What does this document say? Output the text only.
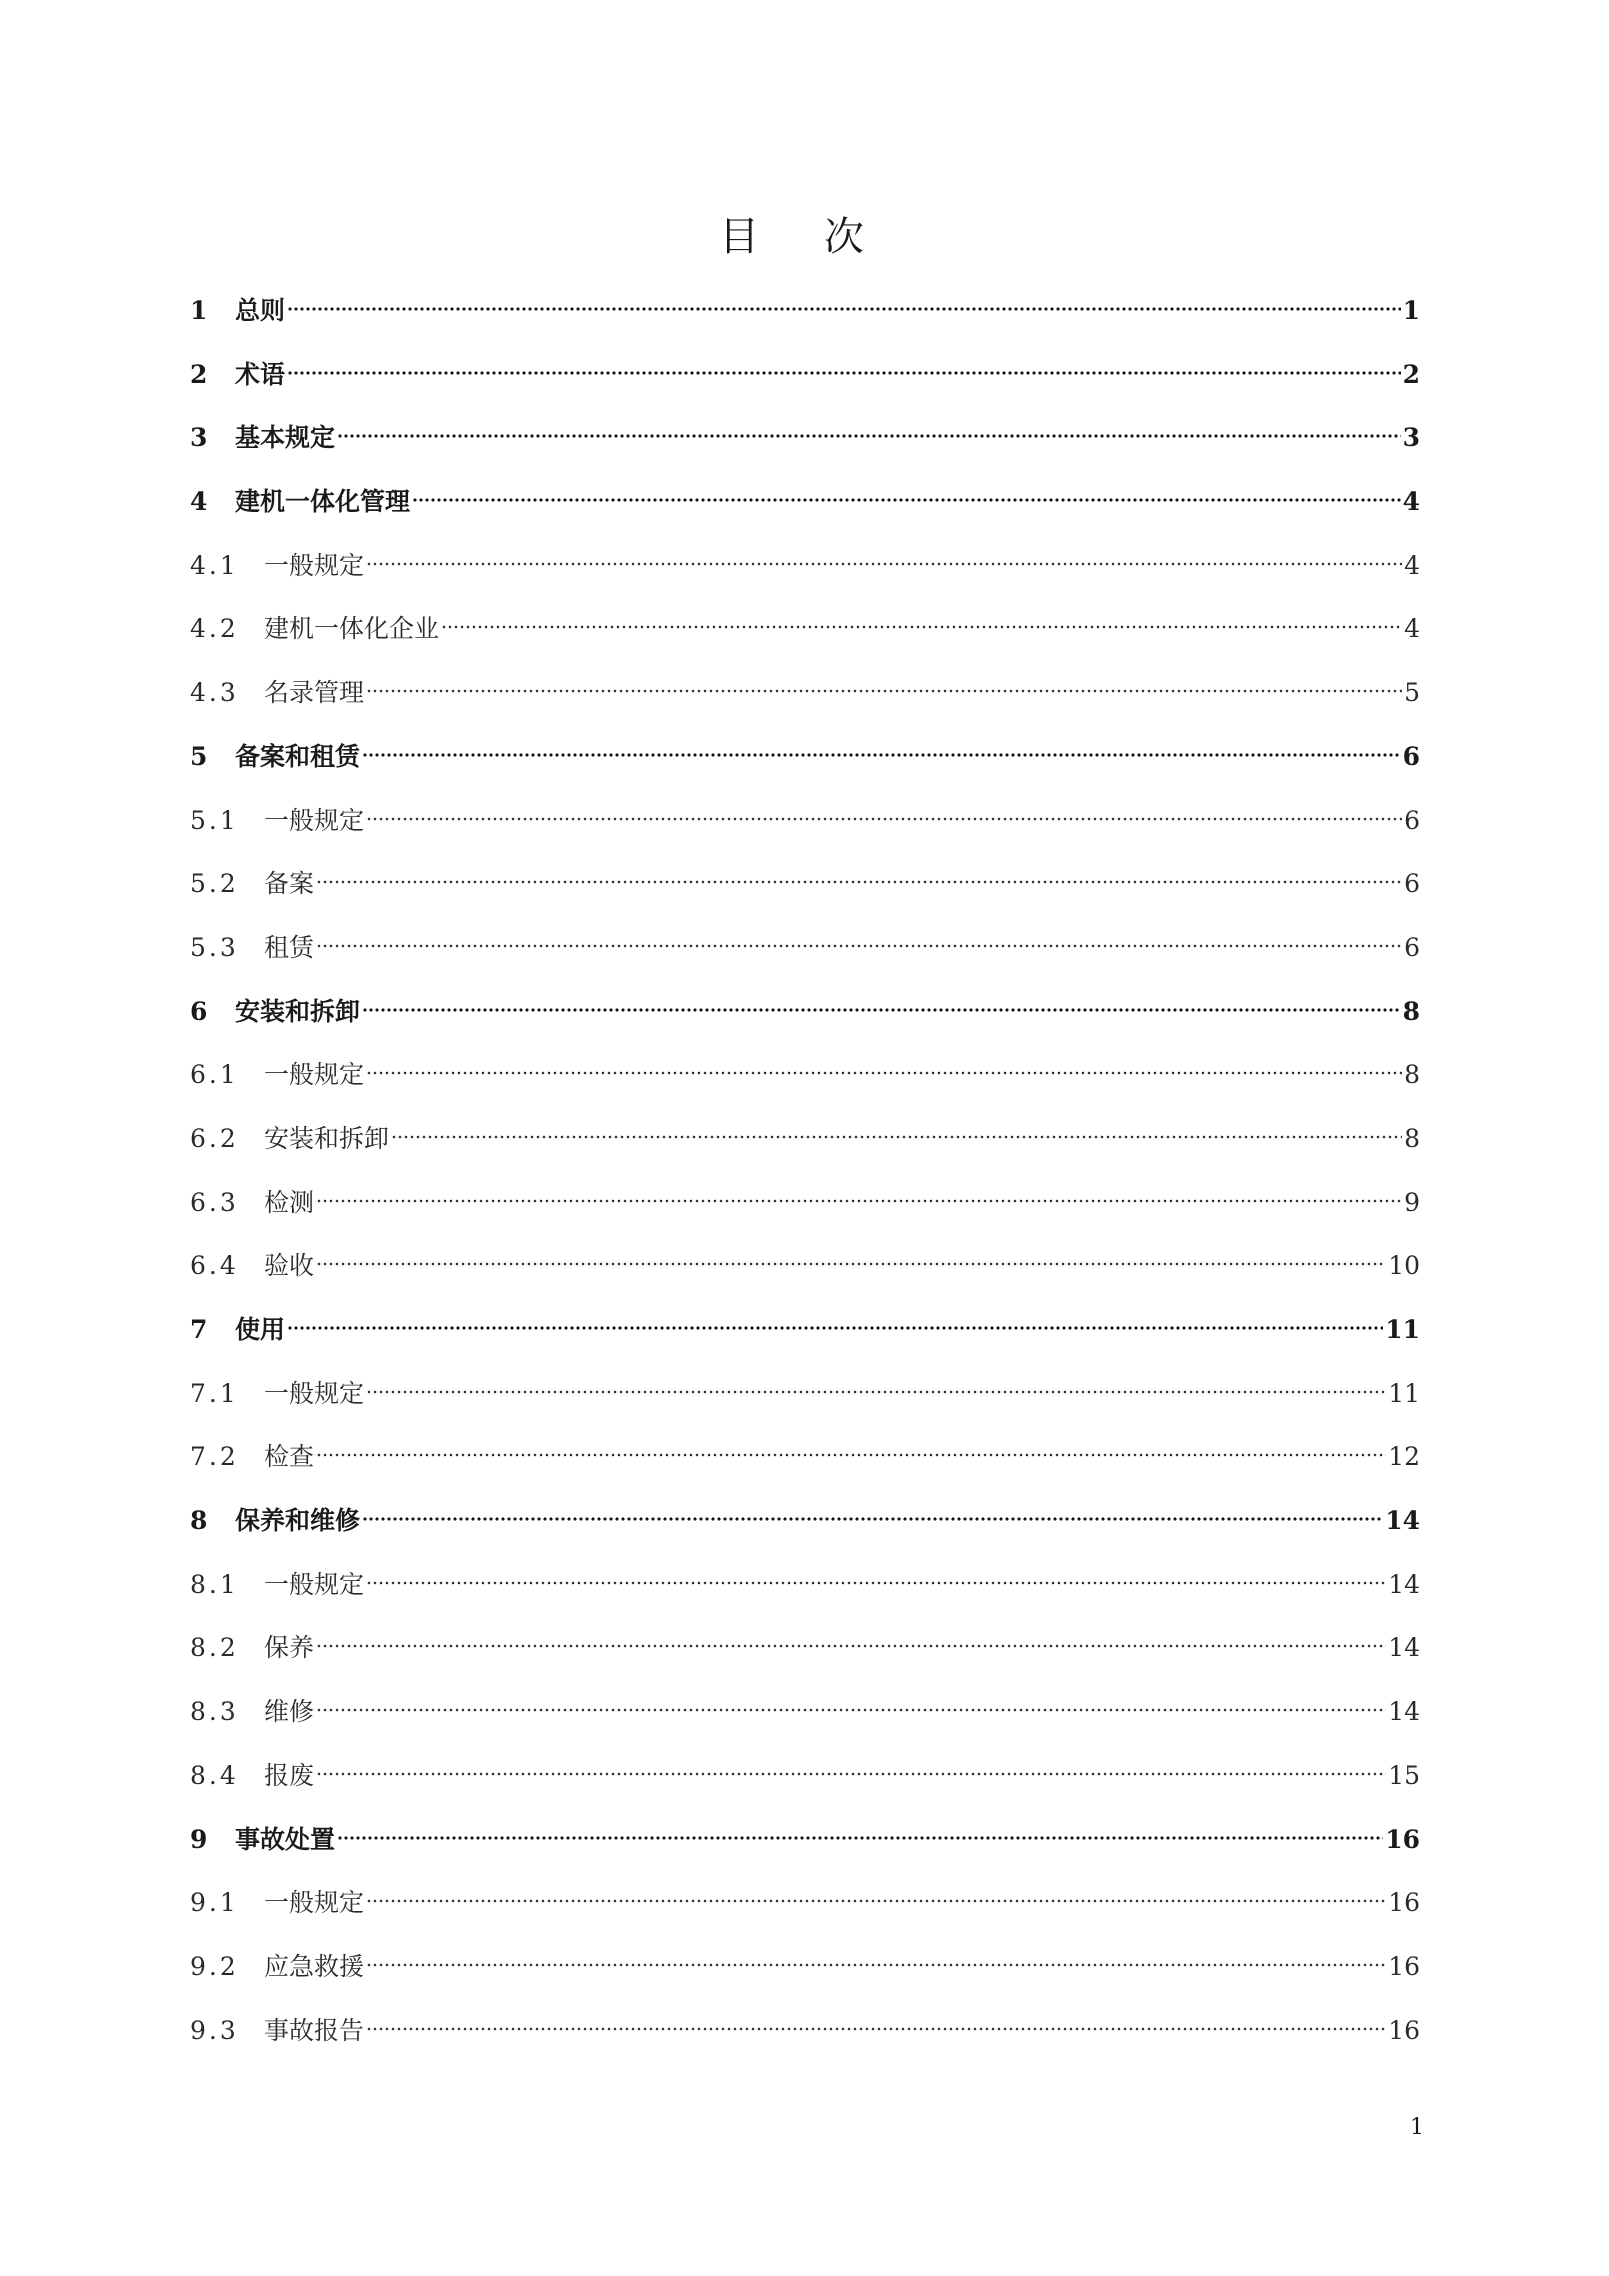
目 次
1	总则	1
2	术语	2
3	基本规定	3
4	建机一体化管理	4
4.1	一般规定	4
4.2	建机一体化企业	4
4.3	名录管理	5
5	备案和租赁	6
5.1	一般规定	6
5.2	备案	6
5.3	租赁	6
6	安装和拆卸	8
6.1	一般规定	8
6.2	安装和拆卸	8
6.3	检测	9
6.4	验收	10
7	使用	11
7.1	一般规定	11
7.2	检查	12
8	保养和维修	14
8.1	一般规定	14
8.2	保养	14
8.3	维修	14
8.4	报废	15
9	事故处置	16
9.1	一般规定	16
9.2	应急救援	16
9.3	事故报告	16
1
